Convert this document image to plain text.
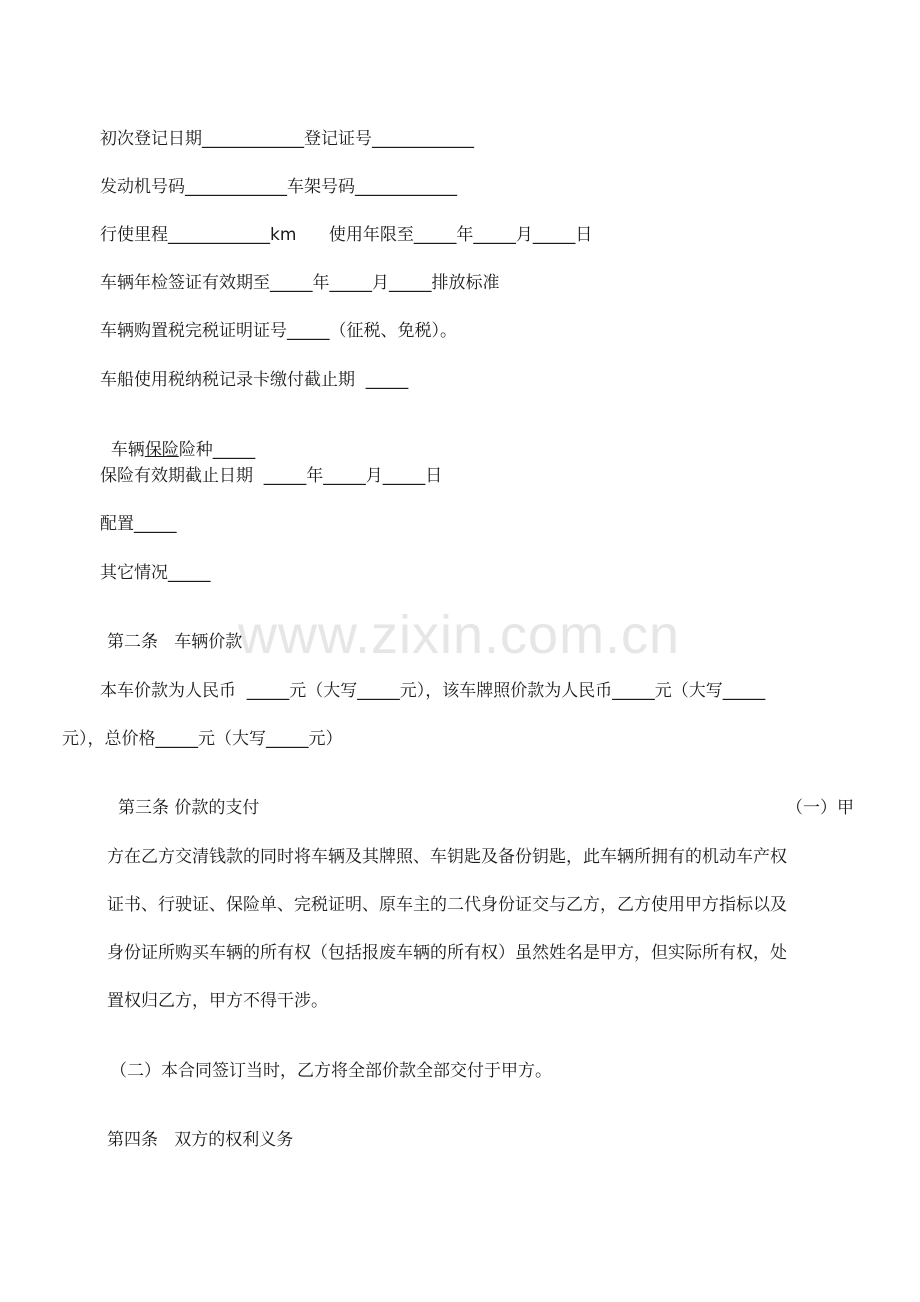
www.zixin.com.cn
初次登记日期____________登记证号____________
发动机号码____________车架号码____________
行使里程____________km      使用年限至_____年_____月_____日
车辆年检签证有效期至_____年_____月_____排放标准
车辆购置税完税证明证号_____（征税、免税）。
车船使用税纳税记录卡缴付截止期  _____

车辆保险险种_____

保险有效期截止日期  _____年_____月_____日
配置_____
其它情况_____
第二条   车辆价款
本车价款为人民币  _____元（大写_____元），该车牌照价款为人民币_____元（大写_____
元），总价格_____元（大写_____元）
第三条 价款的支付	（一）甲
方在乙方交清钱款的同时将车辆及其牌照、车钥匙及备份钥匙，此车辆所拥有的机动车产权
证书、行驶证、保险单、完税证明、原车主的二代身份证交与乙方，乙方使用甲方指标以及
身份证所购买车辆的所有权（包括报废车辆的所有权）虽然姓名是甲方，但实际所有权，处
置权归乙方，甲方不得干涉。
（二）本合同签订当时，乙方将全部价款全部交付于甲方。
第四条   双方的权利义务
